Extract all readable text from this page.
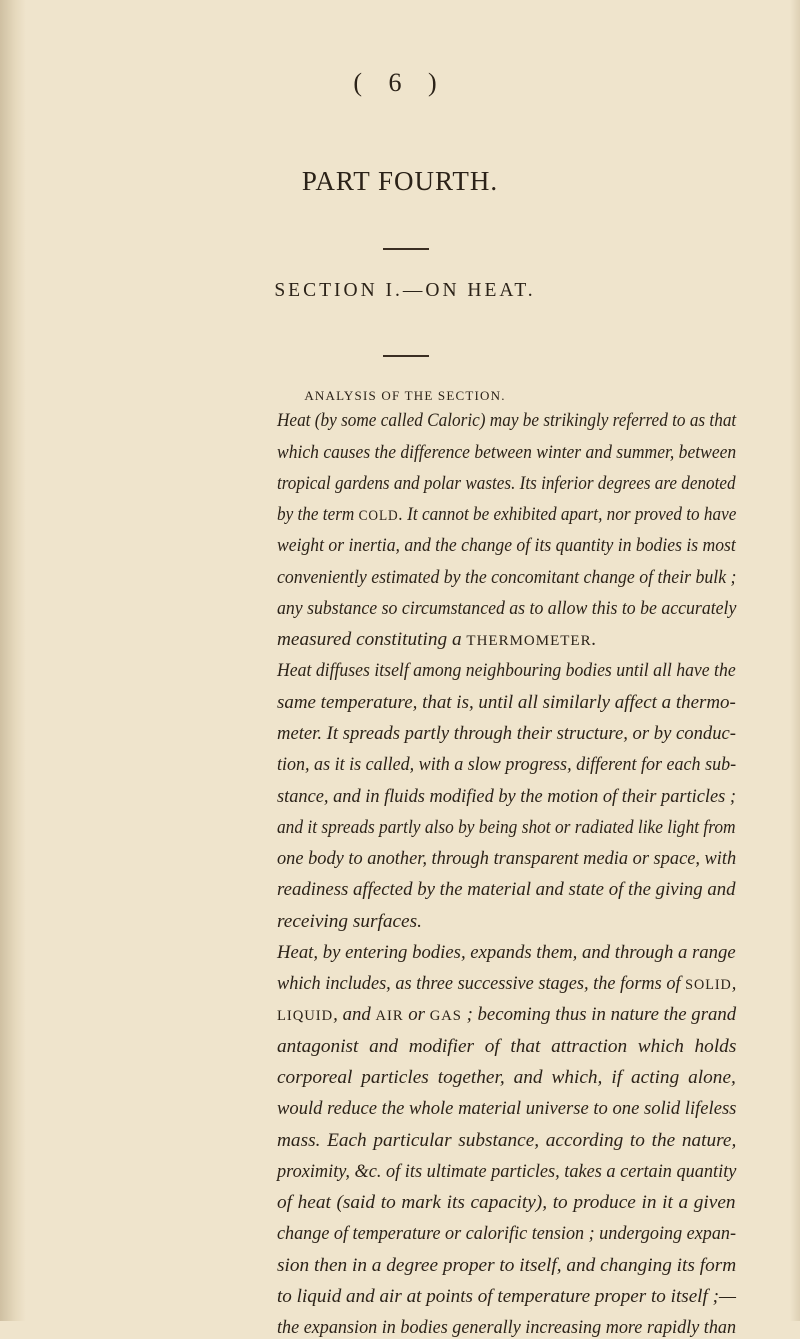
( 6 )
PART FOURTH.
SECTION I.—ON HEAT.
ANALYSIS OF THE SECTION.
Heat (by some called Caloric) may be strikingly referred to as that
which causes the difference between winter and summer, between
tropical gardens and polar wastes. Its inferior degrees are denoted
by the term COLD. It cannot be exhibited apart, nor proved to have
weight or inertia, and the change of its quantity in bodies is most
conveniently estimated by the concomitant change of their bulk ;
any substance so circumstanced as to allow this to be accurately
measured constituting a THERMOMETER.
Heat diffuses itself among neighbouring bodies until all have the
same temperature, that is, until all similarly affect a thermo-
meter. It spreads partly through their structure, or by conduc-
tion, as it is called, with a slow progress, different for each sub-
stance, and in fluids modified by the motion of their particles ;
and it spreads partly also by being shot or radiated like light from
one body to another, through transparent media or space, with
readiness affected by the material and state of the giving and
receiving surfaces.
Heat, by entering bodies, expands them, and through a range
which includes, as three successive stages, the forms of SOLID,
LIQUID, and AIR or GAS ; becoming thus in nature the grand
antagonist and modifier of that attraction which holds
corporeal particles together, and which, if acting alone,
would reduce the whole material universe to one solid lifeless
mass. Each particular substance, according to the nature,
proximity, &c. of its ultimate particles, takes a certain quantity
of heat (said to mark its capacity), to produce in it a given
change of temperature or calorific tension ; undergoing expan-
sion then in a degree proper to itself, and changing its form
to liquid and air at points of temperature proper to itself ;—
the expansion in bodies generally increasing more rapidly than
